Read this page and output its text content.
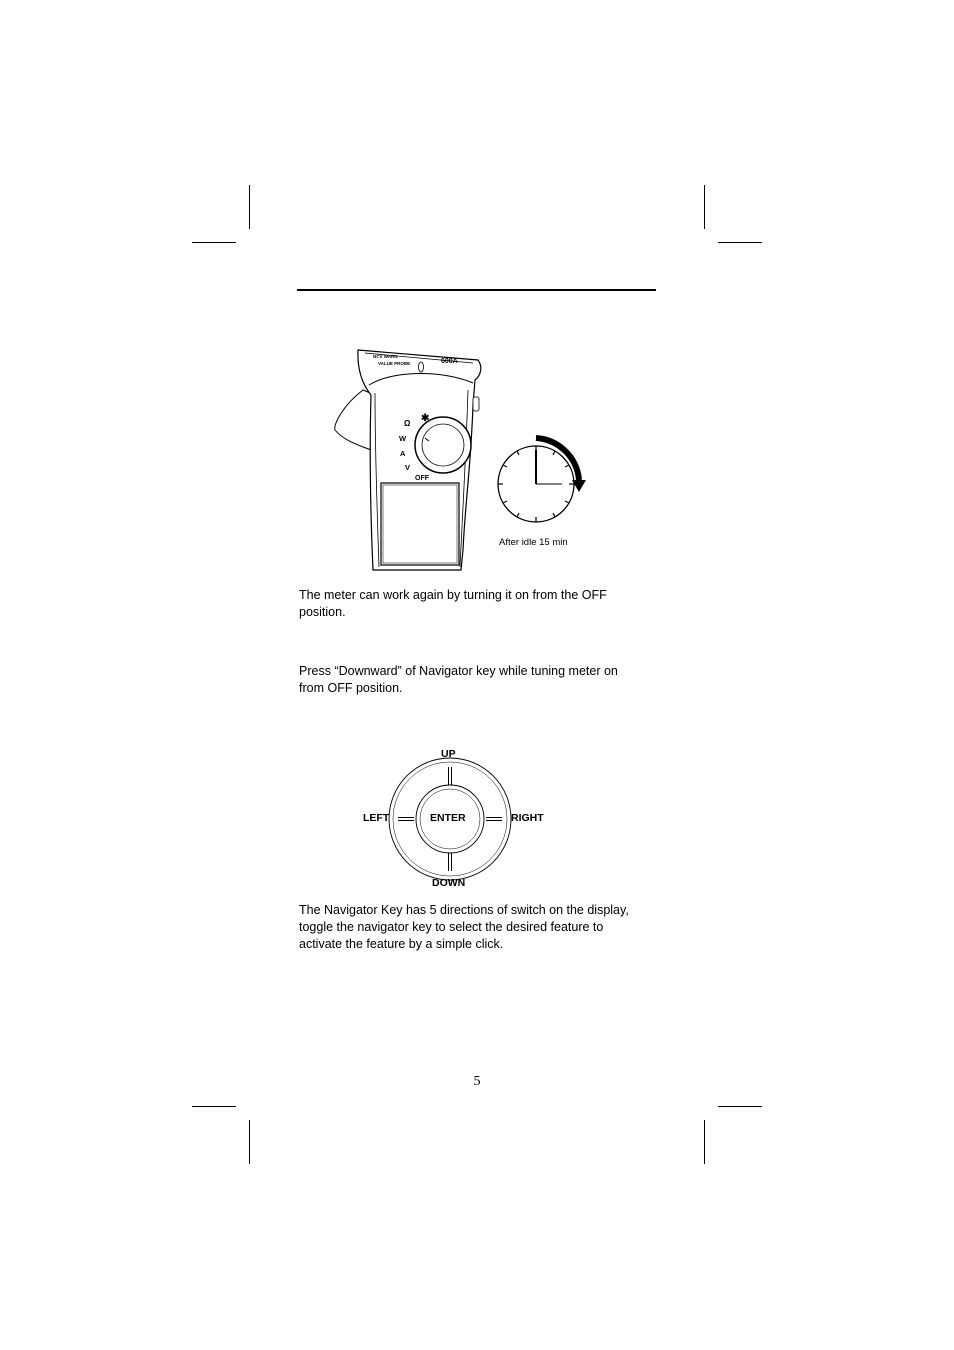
NCV WARN
VALUE PROBE	600A
Ω ✱
W
A
V
OFF
After idle 15 min

The meter can work again by turning it on from the OFF position.

Press “Downward” of Navigator key while tuning meter on from OFF position.

UP
DOWN
LEFT	RIGHT
ENTER

The Navigator Key has 5 directions of switch on the display, toggle the navigator key to select the desired feature to activate the feature by a simple click.

5
